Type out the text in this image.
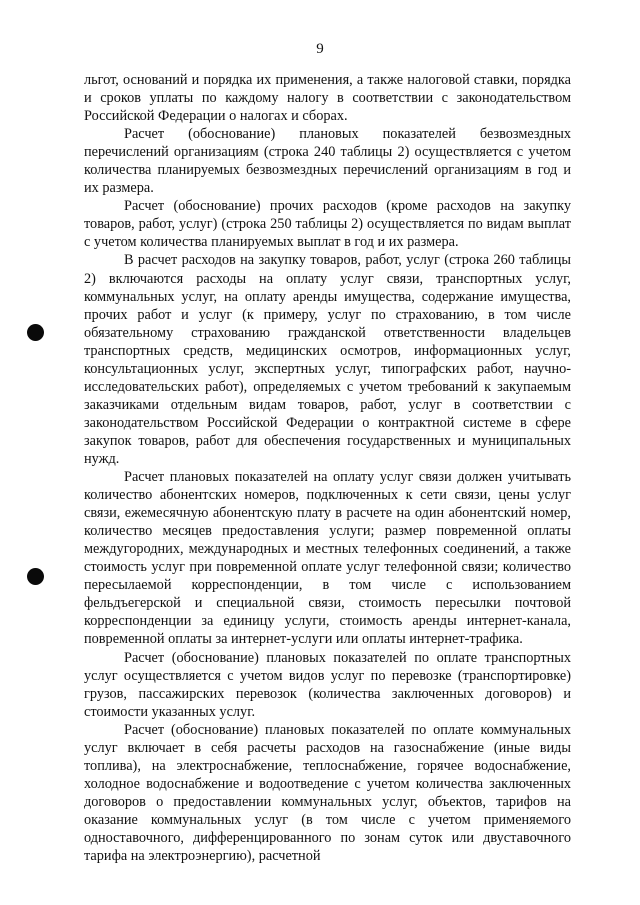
9

льгот, оснований и порядка их применения, а также налоговой ставки, порядка и сроков уплаты по каждому налогу в соответствии с законодательством Российской Федерации о налогах и сборах.

Расчет (обоснование) плановых показателей безвозмездных перечислений организациям (строка 240 таблицы 2) осуществляется с учетом количества планируемых безвозмездных перечислений организациям в год и их размера.

Расчет (обоснование) прочих расходов (кроме расходов на закупку товаров, работ, услуг) (строка 250 таблицы 2) осуществляется по видам выплат с учетом количества планируемых выплат в год и их размера.

В расчет расходов на закупку товаров, работ, услуг (строка 260 таблицы 2) включаются расходы на оплату услуг связи, транспортных услуг, коммунальных услуг, на оплату аренды имущества, содержание имущества, прочих работ и услуг (к примеру, услуг по страхованию, в том числе обязательному страхованию гражданской ответственности владельцев транспортных средств, медицинских осмотров, информационных услуг, консультационных услуг, экспертных услуг, типографских работ, научно-исследовательских работ), определяемых с учетом требований к закупаемым заказчиками отдельным видам товаров, работ, услуг в соответствии с законодательством Российской Федерации о контрактной системе в сфере закупок товаров, работ для обеспечения государственных и муниципальных нужд.

Расчет плановых показателей на оплату услуг связи должен учитывать количество абонентских номеров, подключенных к сети связи, цены услуг связи, ежемесячную абонентскую плату в расчете на один абонентский номер, количество месяцев предоставления услуги; размер повременной оплаты междугородних, международных и местных телефонных соединений, а также стоимость услуг при повременной оплате услуг телефонной связи; количество пересылаемой корреспонденции, в том числе с использованием фельдъегерской и специальной связи, стоимость пересылки почтовой корреспонденции за единицу услуги, стоимость аренды интернет-канала, повременной оплаты за интернет-услуги или оплаты интернет-трафика.

Расчет (обоснование) плановых показателей по оплате транспортных услуг осуществляется с учетом видов услуг по перевозке (транспортировке) грузов, пассажирских перевозок (количества заключенных договоров) и стоимости указанных услуг.

Расчет (обоснование) плановых показателей по оплате коммунальных услуг включает в себя расчеты расходов на газоснабжение (иные виды топлива), на электроснабжение, теплоснабжение, горячее водоснабжение, холодное водоснабжение и водоотведение с учетом количества заключенных договоров о предоставлении коммунальных услуг, объектов, тарифов на оказание коммунальных услуг (в том числе с учетом применяемого одноставочного, дифференцированного по зонам суток или двуставочного тарифа на электроэнергию), расчетной
